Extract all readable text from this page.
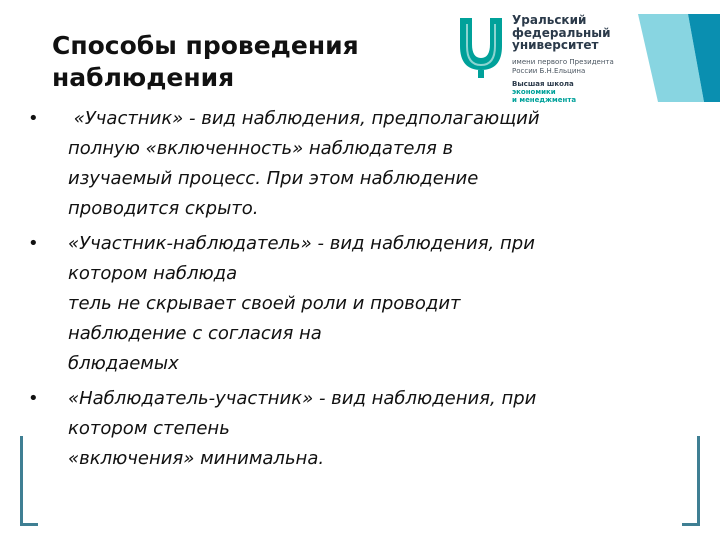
Способы проведения
наблюдения
Уральский
федеральный
университет
имени первого Президента
России Б.Н.Ельцина
Высшая школа
экономики
и менеджмента
• «Участник» - вид наблюдения, предполагающий
полную «включенность» наблюдателя в
изучаемый процесс. При этом наблюдение
проводится скрыто.
• «Участник-наблюдатель» - вид наблюдения, при
котором наблюда
тель не скрывает своей роли и проводит
наблюдение с согласия на
блюдаемых
• «Наблюдатель-участник» - вид наблюдения, при
котором степень
«включения» минимальна.
